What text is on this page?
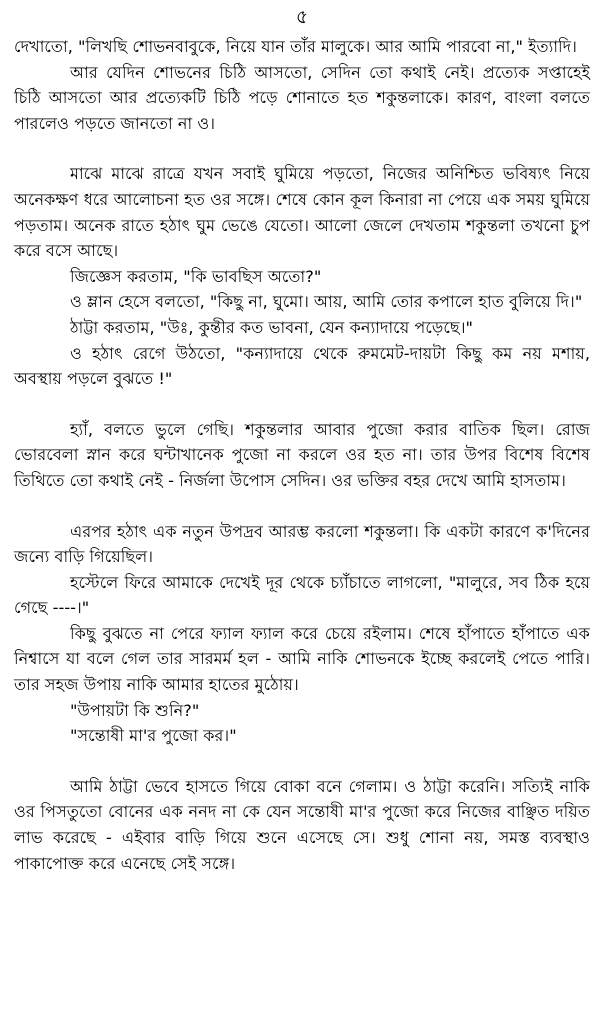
৫

দেখাতো, "লিখছি শোভনবাবুকে, নিয়ে যান তাঁর মালুকে। আর আমি পারবো না," ইত্যাদি।

আর যেদিন শোভনের চিঠি আসতো, সেদিন তো কথাই নেই। প্রত্যেক সপ্তাহেই চিঠি আসতো আর প্রত্যেকটি চিঠি পড়ে শোনাতে হত শকুন্তলাকে। কারণ, বাংলা বলতে পারলেও পড়তে জানতো না ও।

মাঝে মাঝে রাত্রে যখন সবাই ঘুমিয়ে পড়তো, নিজের অনিশ্চিত ভবিষ্যৎ নিয়ে অনেকক্ষণ ধরে আলোচনা হত ওর সঙ্গে। শেষে কোন কূল কিনারা না পেয়ে এক সময় ঘুমিয়ে পড়তাম। অনেক রাতে হঠাৎ ঘুম ভেঙে যেতো। আলো জেলে দেখতাম শকুন্তলা তখনো চুপ করে বসে আছে।

জিজ্ঞেস করতাম, "কি ভাবছিস অতো?"

ও ম্লান হেসে বলতো, "কিছু না, ঘুমো। আয়, আমি তোর কপালে হাত বুলিয়ে দি।"

ঠাট্টা করতাম, "উঃ, কুন্তীর কত ভাবনা, যেন কন্যাদায়ে পড়েছে।"

ও হঠাৎ রেগে উঠতো, "কন্যাদায়ে থেকে রুমমেট-দায়টা কিছু কম নয় মশায়, অবস্থায় পড়লে বুঝতে !"

হ্যাঁ, বলতে ভুলে গেছি। শকুন্তলার আবার পুজো করার বাতিক ছিল। রোজ ভোরবেলা স্নান করে ঘন্টাখানেক পুজো না করলে ওর হত না। তার উপর বিশেষ বিশেষ তিথিতে তো কথাই নেই - নির্জলা উপোস সেদিন। ওর ভক্তির বহর দেখে আমি হাসতাম।

এরপর হঠাৎ এক নতুন উপদ্রব আরম্ভ করলো শকুন্তলা। কি একটা কারণে ক'দিনের জন্যে বাড়ি গিয়েছিল।

হস্টেলে ফিরে আমাকে দেখেই দূর থেকে চ্যাঁচাতে লাগলো, "মালুরে, সব ঠিক হয়ে গেছে ----।"

কিছু বুঝতে না পেরে ফ্যাল ফ্যাল করে চেয়ে রইলাম। শেষে হাঁপাতে হাঁপাতে এক নিশ্বাসে যা বলে গেল তার সারমর্ম হল - আমি নাকি শোভনকে ইচ্ছে করলেই পেতে পারি। তার সহজ উপায় নাকি আমার হাতের মুঠোয়।

"উপায়টা কি শুনি?"

"সন্তোষী মা'র পুজো কর।"

আমি ঠাট্টা ভেবে হাসতে গিয়ে বোকা বনে গেলাম। ও ঠাট্টা করেনি। সত্যিই নাকি ওর পিসতুতো বোনের এক ননদ না কে যেন সন্তোষী মা'র পুজো করে নিজের বাঞ্ছিত দয়িত লাভ করেছে - এইবার বাড়ি গিয়ে শুনে এসেছে সে। শুধু শোনা নয়, সমস্ত ব্যবস্থাও পাকাপোক্ত করে এনেছে সেই সঙ্গে।
